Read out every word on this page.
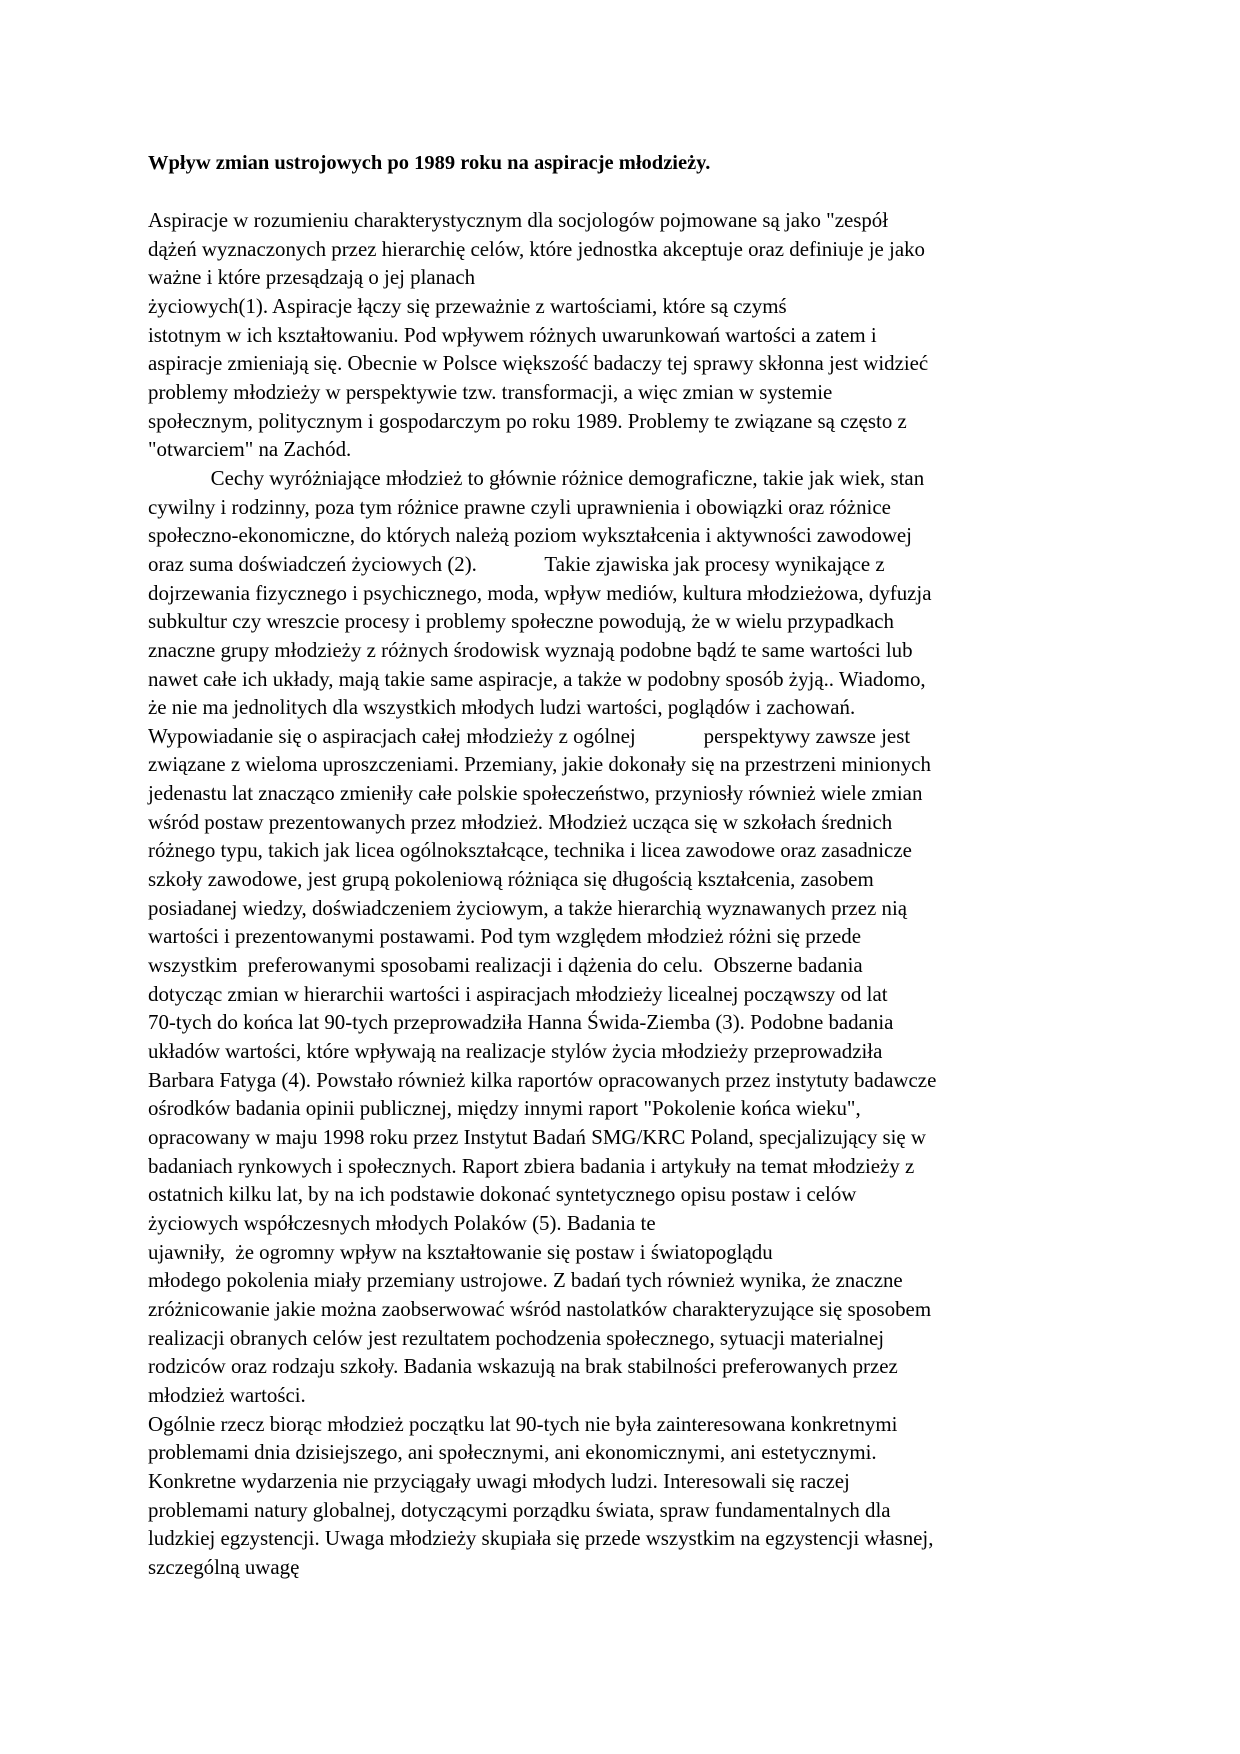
Wpływ zmian ustrojowych po 1989 roku na aspiracje młodzieży.
Aspiracje w rozumieniu charakterystycznym dla socjologów pojmowane są jako "zespół
dążeń wyznaczonych przez hierarchię celów, które jednostka akceptuje oraz definiuje je jako
ważne i które przesądzają o jej planach
życiowych(1). Aspiracje łączy się przeważnie z wartościami, które są czymś
istotnym w ich kształtowaniu. Pod wpływem różnych uwarunkowań wartości a zatem i
aspiracje zmieniają się. Obecnie w Polsce większość badaczy tej sprawy skłonna jest widzieć
problemy młodzieży w perspektywie tzw. transformacji, a więc zmian w systemie
społecznym, politycznym i gospodarczym po roku 1989. Problemy te związane są często z
"otwarciem" na Zachód.
Cechy wyróżniające młodzież to głównie różnice demograficzne, takie jak wiek, stan
cywilny i rodzinny, poza tym różnice prawne czyli uprawnienia i obowiązki oraz różnice
społeczno-ekonomiczne, do których należą poziom wykształcenia i aktywności zawodowej
oraz suma doświadczeń życiowych (2).             Takie zjawiska jak procesy wynikające z
dojrzewania fizycznego i psychicznego, moda, wpływ mediów, kultura młodzieżowa, dyfuzja
subkultur czy wreszcie procesy i problemy społeczne powodują, że w wielu przypadkach
znaczne grupy młodzieży z różnych środowisk wyznają podobne bądź te same wartości lub
nawet całe ich układy, mają takie same aspiracje, a także w podobny sposób żyją.. Wiadomo,
że nie ma jednolitych dla wszystkich młodych ludzi wartości, poglądów i zachowań.
Wypowiadanie się o aspiracjach całej młodzieży z ogólnej             perspektywy zawsze jest
związane z wieloma uproszczeniami. Przemiany, jakie dokonały się na przestrzeni minionych
jedenastu lat znacząco zmieniły całe polskie społeczeństwo, przyniosły również wiele zmian
wśród postaw prezentowanych przez młodzież. Młodzież ucząca się w szkołach średnich
różnego typu, takich jak licea ogólnokształcące, technika i licea zawodowe oraz zasadnicze
szkoły zawodowe, jest grupą pokoleniową różniąca się długością kształcenia, zasobem
posiadanej wiedzy, doświadczeniem życiowym, a także hierarchią wyznawanych przez nią
wartości i prezentowanymi postawami. Pod tym względem młodzież różni się przede
wszystkim  preferowanymi sposobami realizacji i dążenia do celu.  Obszerne badania
dotycząc zmian w hierarchii wartości i aspiracjach młodzieży licealnej począwszy od lat
70-tych do końca lat 90-tych przeprowadziła Hanna Świda-Ziemba (3). Podobne badania
układów wartości, które wpływają na realizacje stylów życia młodzieży przeprowadziła
Barbara Fatyga (4). Powstało również kilka raportów opracowanych przez instytuty badawcze
ośrodków badania opinii publicznej, między innymi raport "Pokolenie końca wieku",
opracowany w maju 1998 roku przez Instytut Badań SMG/KRC Poland, specjalizujący się w
badaniach rynkowych i społecznych. Raport zbiera badania i artykuły na temat młodzieży z
ostatnich kilku lat, by na ich podstawie dokonać syntetycznego opisu postaw i celów
życiowych współczesnych młodych Polaków (5). Badania te
ujawniły,  że ogromny wpływ na kształtowanie się postaw i światopoglądu
młodego pokolenia miały przemiany ustrojowe. Z badań tych również wynika, że znaczne
zróżnicowanie jakie można zaobserwować wśród nastolatków charakteryzujące się sposobem
realizacji obranych celów jest rezultatem pochodzenia społecznego, sytuacji materialnej
rodziców oraz rodzaju szkoły. Badania wskazują na brak stabilności preferowanych przez
młodzież wartości.
Ogólnie rzecz biorąc młodzież początku lat 90-tych nie była zainteresowana konkretnymi
problemami dnia dzisiejszego, ani społecznymi, ani ekonomicznymi, ani estetycznymi.
Konkretne wydarzenia nie przyciągały uwagi młodych ludzi. Interesowali się raczej
problemami natury globalnej, dotyczącymi porządku świata, spraw fundamentalnych dla
ludzkiej egzystencji. Uwaga młodzieży skupiała się przede wszystkim na egzystencji własnej,
szczególną uwagę
